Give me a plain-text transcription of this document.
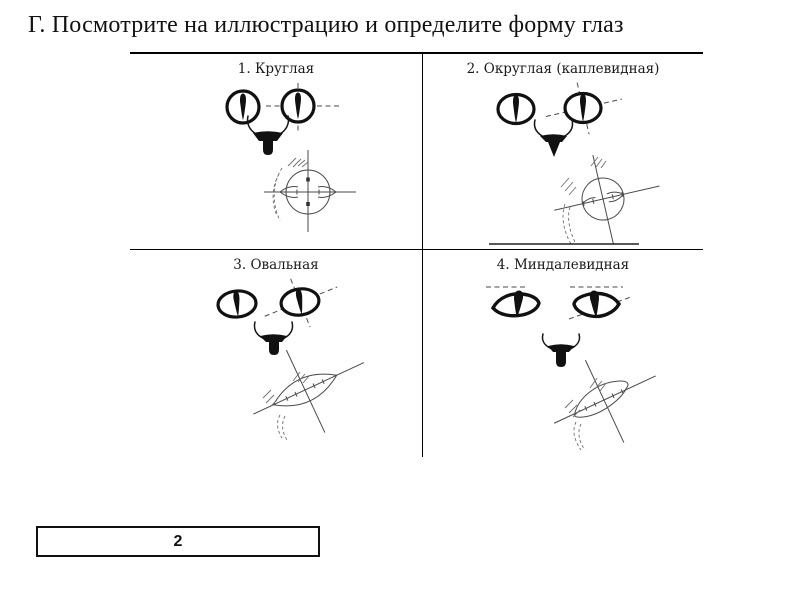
Г. Посмотрите на иллюстрацию и определите форму глаз
1. Круглая	2. Округлая (каплевидная)
3. Овальная	4. Миндалевидная
2
